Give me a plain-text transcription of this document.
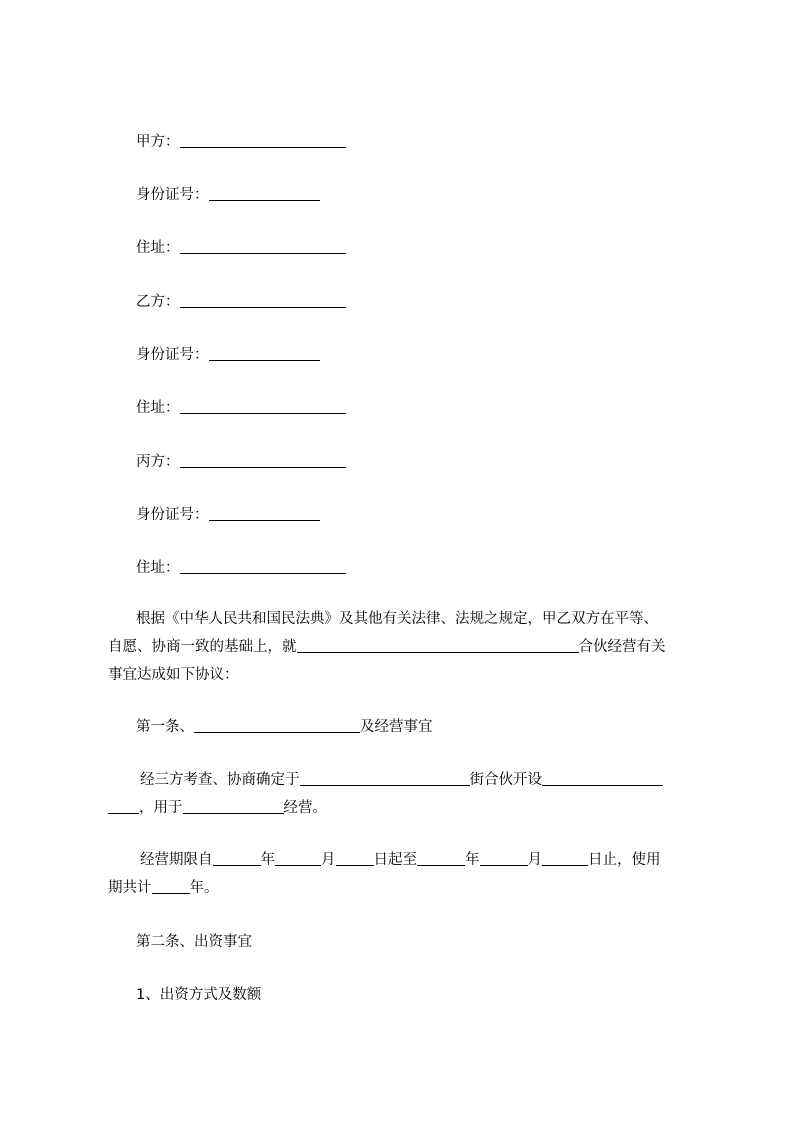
甲方：
身份证号：
住址：
乙方：
身份证号：
住址：
丙方：
身份证号：
住址：
根据《中华人民共和国民法典》及其他有关法律、法规之规定，甲乙双方在平等、
自愿、协商一致的基础上，就	合伙经营有关
事宜达成如下协议：
第一条、	及经营事宜
经三方考查、协商确定于	街合伙开设
，用于	经营。
经营期限自	年	月	日起至	年	月	日止，使用
期共计	年。
第二条、出资事宜
1、出资方式及数额
